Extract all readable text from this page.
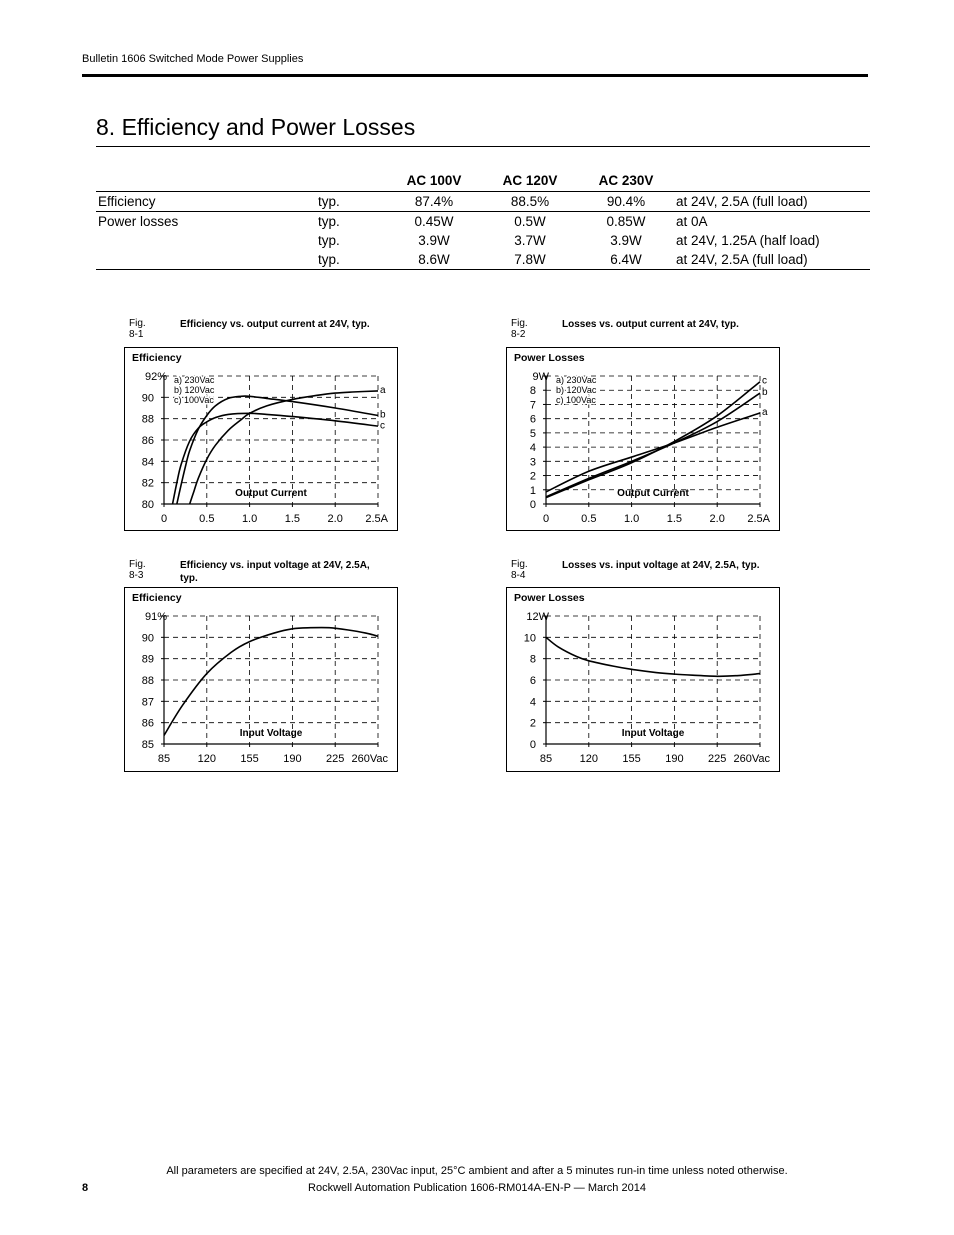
Bulletin 1606 Switched Mode Power Supplies
8. Efficiency and Power Losses
		AC 100V	AC 120V	AC 230V	
Efficiency	typ.	87.4%	88.5%	90.4%	at 24V, 2.5A (full load)
Power losses	typ.	0.45W	0.5W	0.85W	at 0A
	typ.	3.9W	3.7W	3.9W	at 24V, 1.25A (half load)
	typ.	8.6W	7.8W	6.4W	at 24V, 2.5A (full load)
Fig. 8-1
Efficiency vs. output current at 24V, typ.	Fig. 8-2
Losses vs. output current at 24V, typ.
Fig. 8-3
Efficiency vs. input voltage at 24V, 2.5A, typ.
Fig. 8-4
Losses vs. input voltage at 24V, 2.5A, typ.
Efficiency
80
82
84
86
88
90
92%
0	0.5	1.0	1.5	2.0 2.5A
Output Current
a) 230Vac
b) 120Vac
c) 100Vac
a
b
c
Power Losses
0
1
2
3
4
5
6
7
8
9W
0	0.5	1.0	1.5	2.0 2.5A
Output Current
a) 230Vac
b) 120Vac
c) 100Vac
a
b
c
Efficiency
85
86
87
88
89
90
91%
85 120 155 190 225 260Vac
Input Voltage
Power Losses
0
2
4
6
8
10
12W
85 120 155 190 225 260Vac
Input Voltage
All parameters are specified at 24V, 2.5A, 230Vac input, 25°C ambient and after a 5 minutes run-in time unless noted otherwise.
8	Rockwell Automation Publication 1606-RM014A-EN-P — March 2014
